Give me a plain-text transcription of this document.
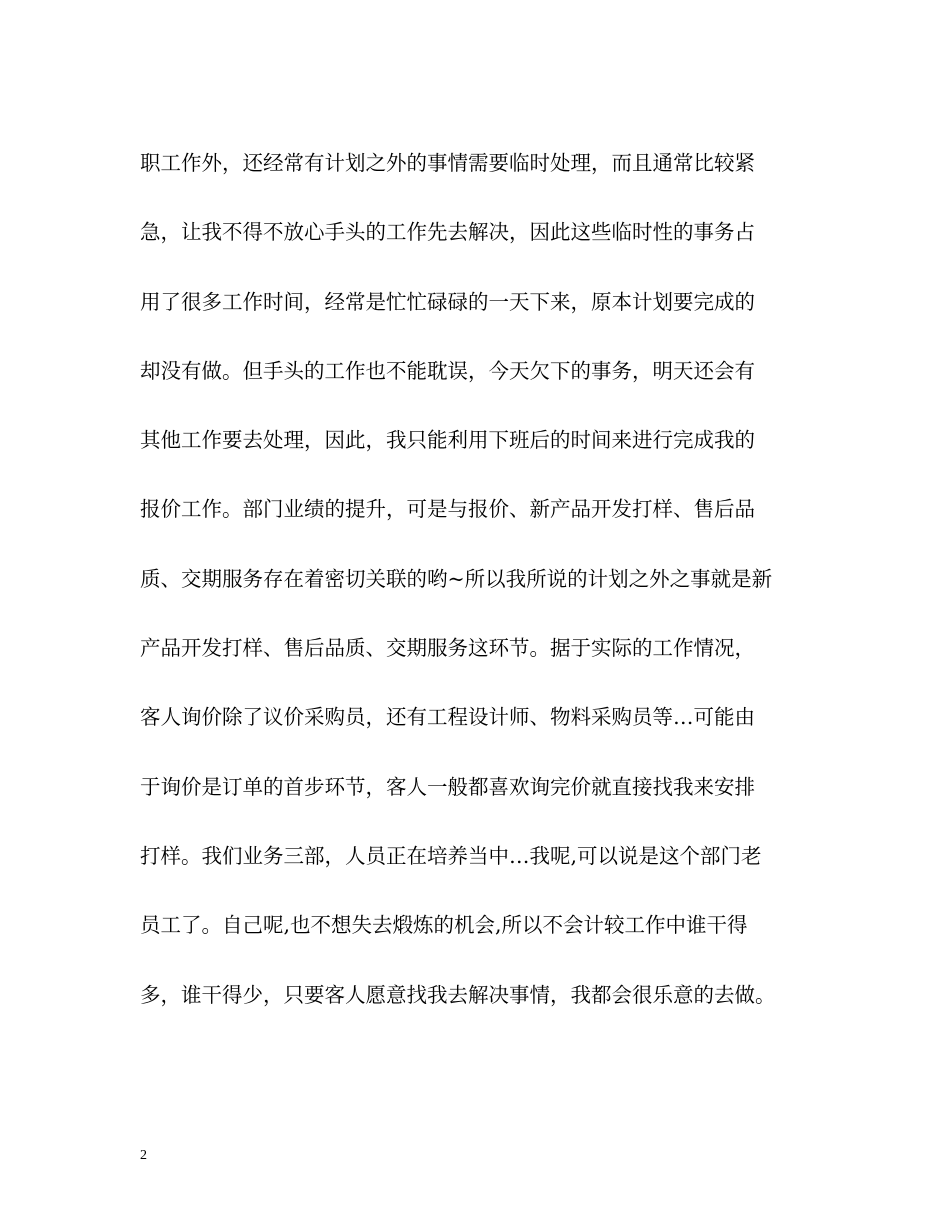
职工作外，还经常有计划之外的事情需要临时处理，而且通常比较紧
急，让我不得不放心手头的工作先去解决，因此这些临时性的事务占
用了很多工作时间，经常是忙忙碌碌的一天下来，原本计划要完成的
却没有做。但手头的工作也不能耽误，今天欠下的事务，明天还会有
其他工作要去处理，因此，我只能利用下班后的时间来进行完成我的
报价工作。部门业绩的提升，可是与报价、新产品开发打样、售后品
质、交期服务存在着密切关联的哟~所以我所说的计划之外之事就是新
产品开发打样、售后品质、交期服务这环节。据于实际的工作情况，
客人询价除了议价采购员，还有工程设计师、物料采购员等…可能由
于询价是订单的首步环节，客人一般都喜欢询完价就直接找我来安排
打样。我们业务三部，人员正在培养当中…我呢,可以说是这个部门老
员工了。自己呢,也不想失去煅炼的机会,所以不会计较工作中谁干得
多，谁干得少，只要客人愿意找我去解决事情，我都会很乐意的去做。
2
